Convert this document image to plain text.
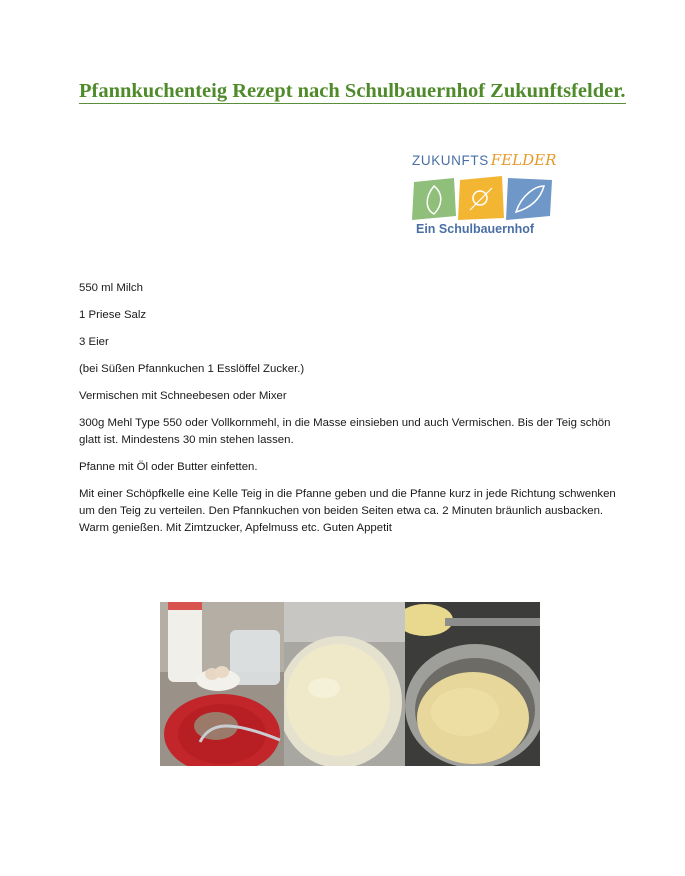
Pfannkuchenteig Rezept nach Schulbauernhof Zukunftsfelder.
ZUKUNFTS FELDER
Ein Schulbauernhof

550 ml Milch

1 Priese Salz

3 Eier

(bei Süßen Pfannkuchen 1 Esslöffel Zucker.)

Vermischen mit Schneebesen oder Mixer

300g Mehl Type 550 oder Vollkornmehl, in die Masse einsieben und auch Vermischen. Bis der Teig schön glatt ist. Mindestens 30 min stehen lassen.

Pfanne mit Öl oder Butter einfetten.

Mit einer Schöpfkelle eine Kelle Teig in die Pfanne geben und die Pfanne kurz in jede Richtung schwenken um den Teig zu verteilen. Den Pfannkuchen von beiden Seiten etwa ca. 2 Minuten bräunlich ausbacken. Warm genießen. Mit Zimtzucker, Apfelmuss etc. Guten Appetit
